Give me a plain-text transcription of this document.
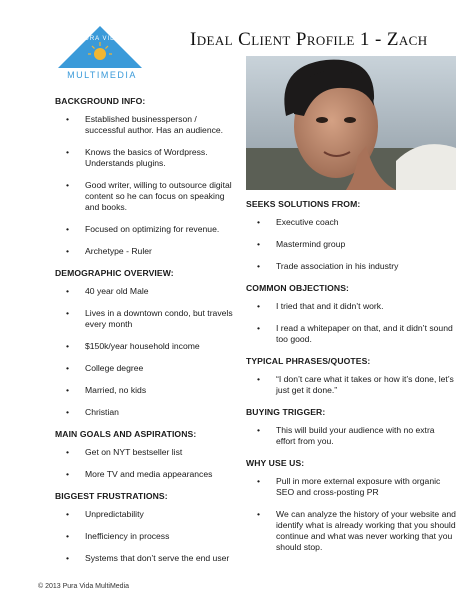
PURA VIDA
MULTIMEDIA
Ideal Client Profile 1 - Zach
BACKGROUND INFO:
• Established businessperson / successful author. Has an audience.
• Knows the basics of Wordpress. Understands plugins.
• Good writer, willing to outsource digital content so he can focus on speaking and books.
• Focused on optimizing for revenue.
• Archetype - Ruler
DEMOGRAPHIC OVERVIEW:
• 40 year old Male
• Lives in a downtown condo, but travels every month
• $150k/year household income
• College degree
• Married, no kids
• Christian
MAIN GOALS AND ASPIRATIONS:
• Get on NYT bestseller list
• More TV and media appearances
BIGGEST FRUSTRATIONS:
• Unpredictability
• Inefficiency in process
• Systems that don’t serve the end user
SEEKS SOLUTIONS FROM:
• Executive coach
• Mastermind group
• Trade association in his industry
COMMON OBJECTIONS:
• I tried that and it didn’t work.
• I read a whitepaper on that, and it didn’t sound too good.
TYPICAL PHRASES/QUOTES:
• “I don’t care what it takes or how it’s done, let’s just get it done.”
BUYING TRIGGER:
• This will build your audience with no extra effort from you.
WHY USE US:
• Pull in more external exposure with organic SEO and cross-posting PR
• We can analyze the history of your website and identify what is already working that you should continue and what was never working that you should stop.
© 2013 Pura Vida MultiMedia
